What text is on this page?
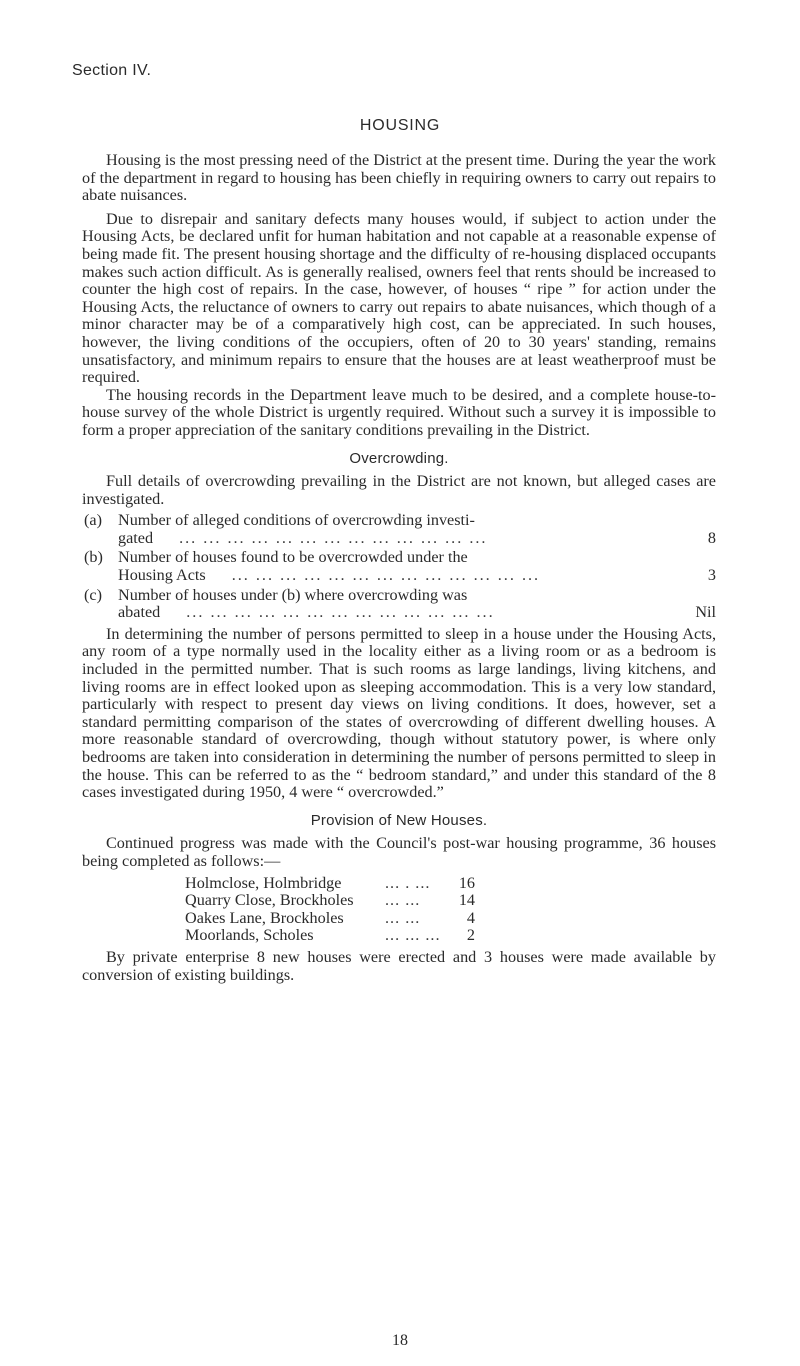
Section IV.
HOUSING

Housing is the most pressing need of the District at the present time. During the year the work of the department in regard to housing has been chiefly in requiring owners to carry out repairs to abate nuisances.

Due to disrepair and sanitary defects many houses would, if subject to action under the Housing Acts, be declared unfit for human habitation and not capable at a reasonable expense of being made fit. The present housing shortage and the difficulty of re-housing displaced occupants makes such action difficult. As is generally realised, owners feel that rents should be increased to counter the high cost of repairs. In the case, however, of houses “ ripe ” for action under the Housing Acts, the reluctance of owners to carry out repairs to abate nuisances, which though of a minor character may be of a comparatively high cost, can be appreciated. In such houses, however, the living conditions of the occupiers, often of 20 to 30 years' standing, remains unsatisfactory, and minimum repairs to ensure that the houses are at least weatherproof must be required.

The housing records in the Department leave much to be desired, and a complete house-to-house survey of the whole District is urgently required. Without such a survey it is impossible to form a proper appreciation of the sanitary conditions prevailing in the District.

Overcrowding.

Full details of overcrowding prevailing in the District are not known, but alleged cases are investigated.

(a) Number of alleged conditions of overcrowding investi-
gated ...	8
(b) Number of houses found to be overcrowded under the
Housing Acts ...	3
(c) Number of houses under (b) where overcrowding was
abated ...	Nil

In determining the number of persons permitted to sleep in a house under the Housing Acts, any room of a type normally used in the locality either as a living room or as a bedroom is included in the permitted number. That is such rooms as large landings, living kitchens, and living rooms are in effect looked upon as sleeping accommodation. This is a very low standard, particularly with respect to present day views on living conditions. It does, however, set a standard permitting comparison of the states of overcrowding of different dwelling houses. A more reasonable standard of overcrowding, though without statutory power, is where only bedrooms are taken into consideration in determining the number of persons permitted to sleep in the house. This can be referred to as the “ bedroom standard,” and under this standard of the 8 cases investigated during 1950, 4 were “ overcrowded.”

Provision of New Houses.

Continued progress was made with the Council's post-war housing programme, 36 houses being completed as follows:—

Holmclose, Holmbridge	... . ...	16
Quarry Close, Brockholes	... ...	14
Oakes Lane, Brockholes	... ...	4
Moorlands, Scholes	... ... ...	2

By private enterprise 8 new houses were erected and 3 houses were made available by conversion of existing buildings.

18
